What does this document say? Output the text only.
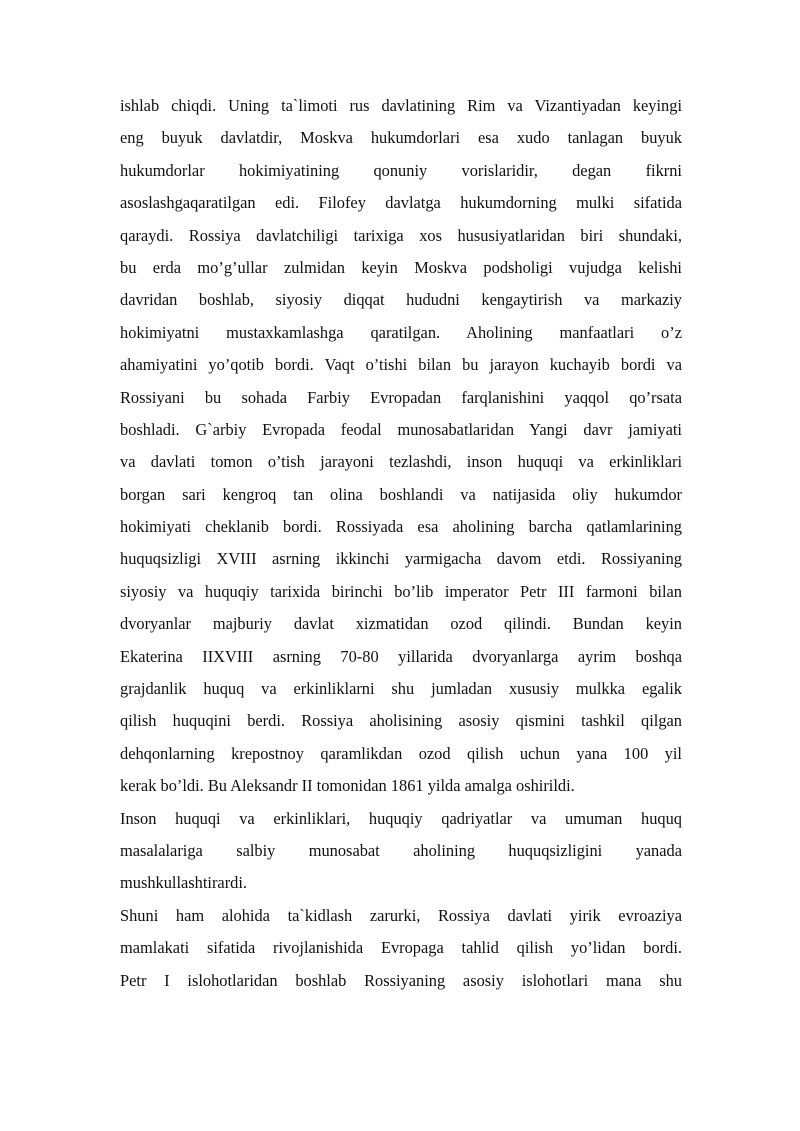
ishlab chiqdi. Uning ta`limoti rus davlatining Rim va Vizantiyadan keyingi
eng buyuk davlatdir, Moskva hukumdorlari esa xudo tanlagan buyuk
hukumdorlar hokimiyatining qonuniy vorislaridir, degan fikrni
asoslashgaqaratilgan edi. Filofey davlatga hukumdorning mulki sifatida
qaraydi. Rossiya davlatchiligi tarixiga xos hususiyatlaridan biri shundaki,
bu erda mo’g’ullar zulmidan keyin Moskva podsholigi vujudga kelishi
davridan boshlab, siyosiy diqqat hududni kengaytirish va markaziy
hokimiyatni mustaxkamlashga qaratilgan. Aholining manfaatlari o’z
ahamiyatini yo’qotib bordi. Vaqt o’tishi bilan bu jarayon kuchayib bordi va
Rossiyani bu sohada Farbiy Evropadan farqlanishini yaqqol qo’rsata
boshladi. G`arbiy Evropada feodal munosabatlaridan Yangi davr jamiyati
va davlati tomon o’tish jarayoni tezlashdi, inson huquqi va erkinliklari
borgan sari kengroq tan olina boshlandi va natijasida oliy hukumdor
hokimiyati cheklanib bordi. Rossiyada esa aholining barcha qatlamlarining
huquqsizligi XVIII asrning ikkinchi yarmigacha davom etdi. Rossiyaning
siyosiy va huquqiy tarixida birinchi bo’lib imperator Petr III farmoni bilan
dvoryanlar majburiy davlat xizmatidan ozod qilindi. Bundan keyin
Ekaterina IIXVIII asrning 70-80 yillarida dvoryanlarga ayrim boshqa
grajdanlik huquq va erkinliklarni shu jumladan xususiy mulkka egalik
qilish huquqini berdi. Rossiya aholisining asosiy qismini tashkil qilgan
dehqonlarning krepostnoy qaramlikdan ozod qilish uchun yana 100 yil
kerak bo’ldi. Bu Aleksandr II tomonidan 1861 yilda amalga oshirildi.
Inson huquqi va erkinliklari, huquqiy qadriyatlar va umuman huquq
masalalariga salbiy munosabat aholining huquqsizligini yanada
mushkullashtirardi.
Shuni ham alohida ta`kidlash zarurki, Rossiya davlati yirik evroaziya
mamlakati sifatida rivojlanishida Evropaga tahlid qilish yo’lidan bordi.
Petr I islohotlaridan boshlab Rossiyaning asosiy islohotlari mana shu
